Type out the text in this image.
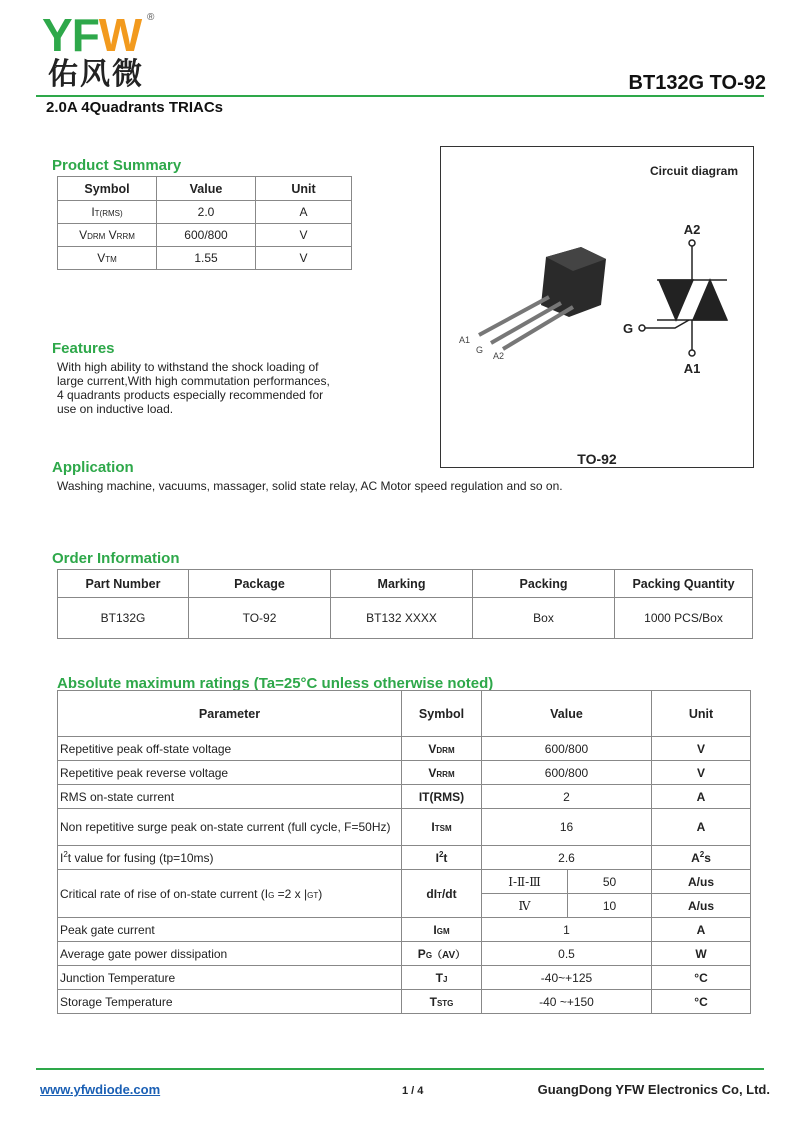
YFW ®
佑风微	BT132G TO-92
2.0A 4Quadrants TRIACs
Product Summary
Symbol	Value	Unit
IT(RMS)	2.0	A
VDRM VRRM	600/800	V
VTM	1.55	V
Features
With high ability to withstand the shock loading of
large current,With high commutation performances,
4 quadrants products especially recommended for
use on inductive load.
A1
G
A2
Circuit diagram
A2
G
A1
TO-92
Application
Washing machine, vacuums, massager, solid state relay, AC Motor speed regulation and so on.
Order Information
Part Number	Package	Marking	Packing	Packing Quantity
BT132G	TO-92	BT132 XXXX	Box	1000 PCS/Box
Absolute maximum ratings (Ta=25°C unless otherwise noted)
Parameter	Symbol	Value		Unit
Repetitive peak off-state voltage	VDRM	600/800		V
Repetitive peak reverse voltage	VRRM	600/800		V
RMS on-state current	IT(RMS)	2		A
Non repetitive surge peak on-state current (full cycle, F=50Hz)	ITSM	16		A
$I^2t$ value for fusing (tp=10ms)	$I^2t$	2.6		$A^2s$
Critical rate of rise of on-state current (IG =2 x |GT)	dIT/dt	Ⅰ-Ⅱ-Ⅲ	50	A/us
		Ⅳ	10	A/us
Peak gate current	IGM	1		A
Average gate power dissipation	PG（AV）	0.5		W
Junction Temperature	TJ	-40~+125		°C
Storage Temperature	TSTG	-40 ~+150		°C
www.yfwdiode.com	1 / 4	GuangDong YFW Electronics Co, Ltd.
